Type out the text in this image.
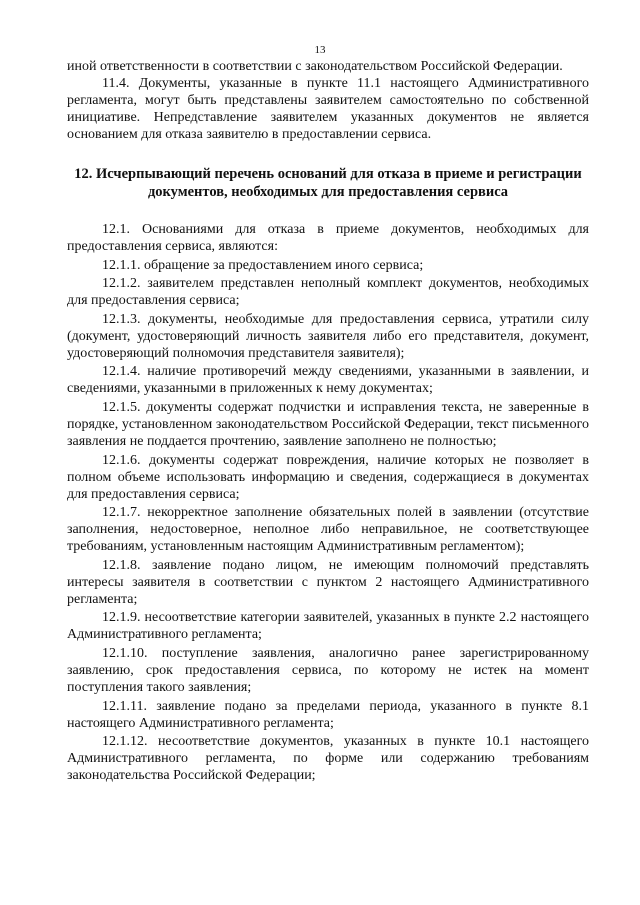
13

иной ответственности в соответствии с законодательством Российской Федерации.

11.4. Документы, указанные в пункте 11.1 настоящего Административного регламента, могут быть представлены заявителем самостоятельно по собственной инициативе. Непредставление заявителем указанных документов не является основанием для отказа заявителю в предоставлении сервиса.

12. Исчерпывающий перечень оснований для отказа в приеме и регистрации документов, необходимых для предоставления сервиса

12.1. Основаниями для отказа в приеме документов, необходимых для предоставления сервиса, являются:

12.1.1. обращение за предоставлением иного сервиса;

12.1.2. заявителем представлен неполный комплект документов, необходимых для предоставления сервиса;

12.1.3. документы, необходимые для предоставления сервиса, утратили силу (документ, удостоверяющий личность заявителя либо его представителя, документ, удостоверяющий полномочия представителя заявителя);

12.1.4. наличие противоречий между сведениями, указанными в заявлении, и сведениями, указанными в приложенных к нему документах;

12.1.5. документы содержат подчистки и исправления текста, не заверенные в порядке, установленном законодательством Российской Федерации, текст письменного заявления не поддается прочтению, заявление заполнено не полностью;

12.1.6. документы содержат повреждения, наличие которых не позволяет в полном объеме использовать информацию и сведения, содержащиеся в документах для предоставления сервиса;

12.1.7. некорректное заполнение обязательных полей в заявлении (отсутствие заполнения, недостоверное, неполное либо неправильное, не соответствующее требованиям, установленным настоящим Административным регламентом);

12.1.8. заявление подано лицом, не имеющим полномочий представлять интересы заявителя в соответствии с пунктом 2 настоящего Административного регламента;

12.1.9. несоответствие категории заявителей, указанных в пункте 2.2 настоящего Административного регламента;

12.1.10. поступление заявления, аналогично ранее зарегистрированному заявлению, срок предоставления сервиса, по которому не истек на момент поступления такого заявления;

12.1.11. заявление подано за пределами периода, указанного в пункте 8.1 настоящего Административного регламента;

12.1.12. несоответствие документов, указанных в пункте 10.1 настоящего Административного регламента, по форме или содержанию требованиям законодательства Российской Федерации;
